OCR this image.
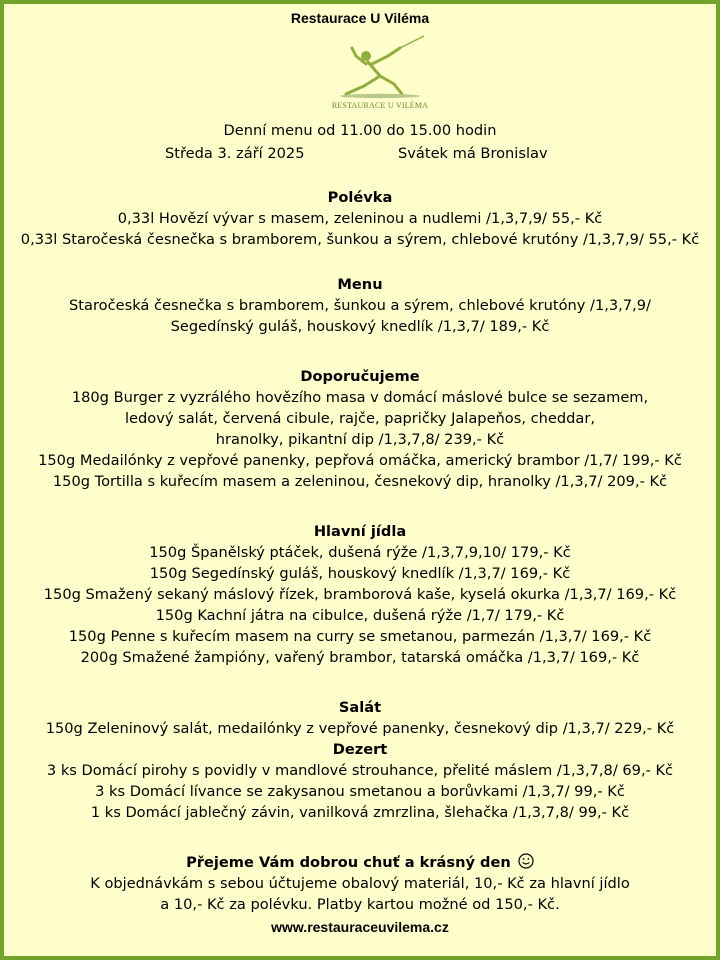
Restaurace U Viléma
RESTAURACE U VILÉMA
Denní menu od 11.00 do 15.00 hodin
Středa 3. září 2025	Svátek má Bronislav
Polévka
0,33l Hovězí vývar s masem, zeleninou a nudlemi /1,3,7,9/ 55,- Kč
0,33l Staročeská česnečka s bramborem, šunkou a sýrem, chlebové krutóny /1,3,7,9/ 55,- Kč
Menu
Staročeská česnečka s bramborem, šunkou a sýrem, chlebové krutóny /1,3,7,9/
Segedínský guláš, houskový knedlík /1,3,7/ 189,- Kč
Doporučujeme
180g Burger z vyzrálého hovězího masa v domácí máslové bulce se sezamem,
ledový salát, červená cibule, rajče, papričky Jalapeňos, cheddar,
hranolky, pikantní dip /1,3,7,8/ 239,- Kč
150g Medailónky z vepřové panenky, pepřová omáčka, americký brambor /1,7/ 199,- Kč
150g Tortilla s kuřecím masem a zeleninou, česnekový dip, hranolky /1,3,7/ 209,- Kč
Hlavní jídla
150g Španělský ptáček, dušená rýže /1,3,7,9,10/ 179,- Kč
150g Segedínský guláš, houskový knedlík /1,3,7/ 169,- Kč
150g Smažený sekaný máslový řízek, bramborová kaše, kyselá okurka /1,3,7/ 169,- Kč
150g Kachní játra na cibulce, dušená rýže /1,7/ 179,- Kč
150g Penne s kuřecím masem na curry se smetanou, parmezán /1,3,7/ 169,- Kč
200g Smažené žampióny, vařený brambor, tatarská omáčka /1,3,7/ 169,- Kč
Salát
150g Zeleninový salát, medailónky z vepřové panenky, česnekový dip /1,3,7/ 229,- Kč
Dezert
3 ks Domácí pirohy s povidly v mandlové strouhance, přelité máslem /1,3,7,8/ 69,- Kč
3 ks Domácí lívance se zakysanou smetanou a borůvkami /1,3,7/ 99,- Kč
1 ks Domácí jablečný závin, vanilková zmrzlina, šlehačka /1,3,7,8/ 99,- Kč
Přejeme Vám dobrou chuť a krásný den
K objednávkám s sebou účtujeme obalový materiál, 10,- Kč za hlavní jídlo
a 10,- Kč za polévku. Platby kartou možné od 150,- Kč.
www.restauraceuvilema.cz
